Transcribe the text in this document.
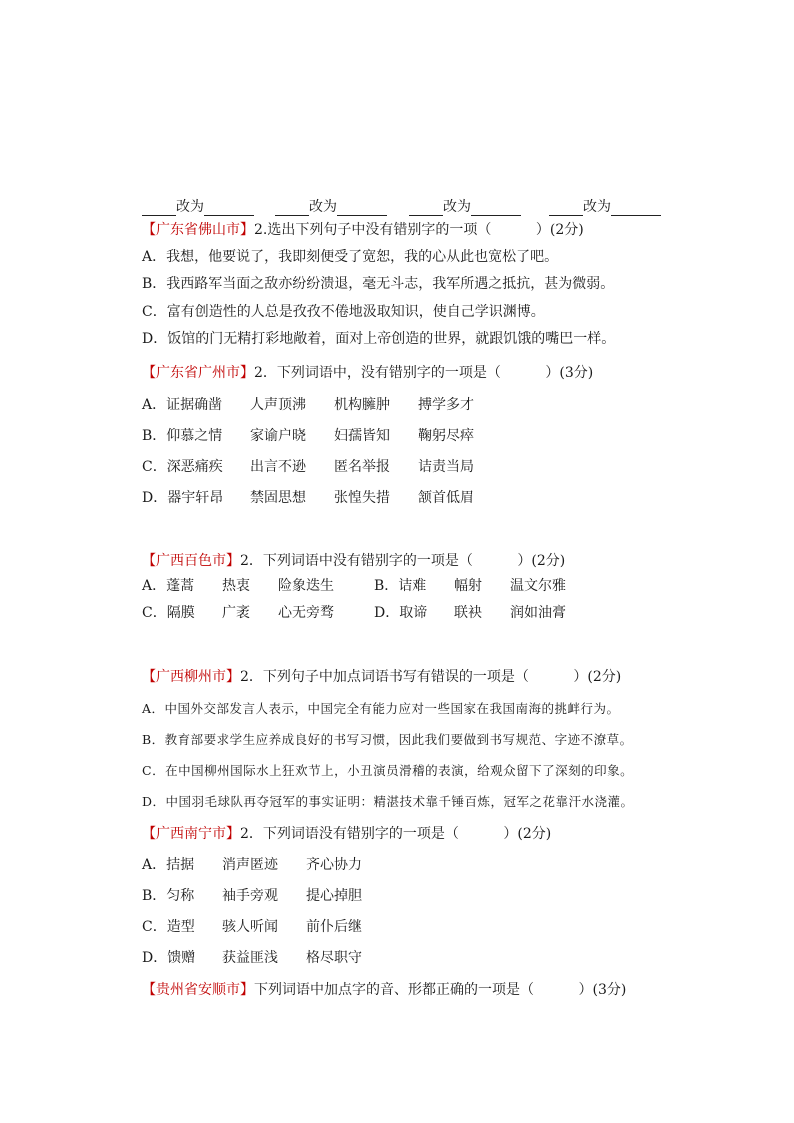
改为	改为	改为	改为
【广东省佛山市】2.选出下列句子中没有错别字的一项（          ）(2分)
A．我想，他要说了，我即刻便受了宽恕，我的心从此也宽松了吧。
B．我西路军当面之敌亦纷纷溃退，毫无斗志，我军所遇之抵抗，甚为微弱。
C．富有创造性的人总是孜孜不倦地汲取知识，使自己学识渊博。
D．饭馆的门无精打彩地敞着，面对上帝创造的世界，就跟饥饿的嘴巴一样。
【广东省广州市】2．下列词语中，没有错别字的一项是（          ）(3分)
A．证据确凿 人声顶沸 机构臃肿 搏学多才
B．仰慕之情 家谕户晓 妇孺皆知 鞠躬尽瘁
C．深恶痛疾 出言不逊 匿名举报 诘责当局
D．器宇轩昂 禁固思想 张惶失措 颔首低眉
【广西百色市】2．下列词语中没有错别字的一项是（          ）(2分)
A．蓬蒿 热衷 险象迭生	B．诘难 幅射 温文尔雅
C．隔膜 广袤 心无旁骛	D．取谛 联袂 润如油膏
【广西柳州市】2．下列句子中加点词语书写有错误的一项是（          ）(2分)
A．中国外交部发言人表示，中国完全有能力应对一些国家在我国南海的挑衅行为。
B．教育部要求学生应养成良好的书写习惯，因此我们要做到书写规范、字迹不潦草。
C．在中国柳州国际水上狂欢节上，小丑演员滑稽的表演，给观众留下了深刻的印象。
D．中国羽毛球队再夺冠军的事实证明：精湛技术靠千锤百炼，冠军之花靠汗水浇灌。
【广西南宁市】2．下列词语没有错别字的一项是（          ）(2分)
A．拮据 消声匿迹 齐心协力
B．匀称 袖手旁观 提心掉胆
C．造型 骇人听闻 前仆后继
D．馈赠 获益匪浅 格尽职守
【贵州省安顺市】下列词语中加点字的音、形都正确的一项是（          ）(3分)
